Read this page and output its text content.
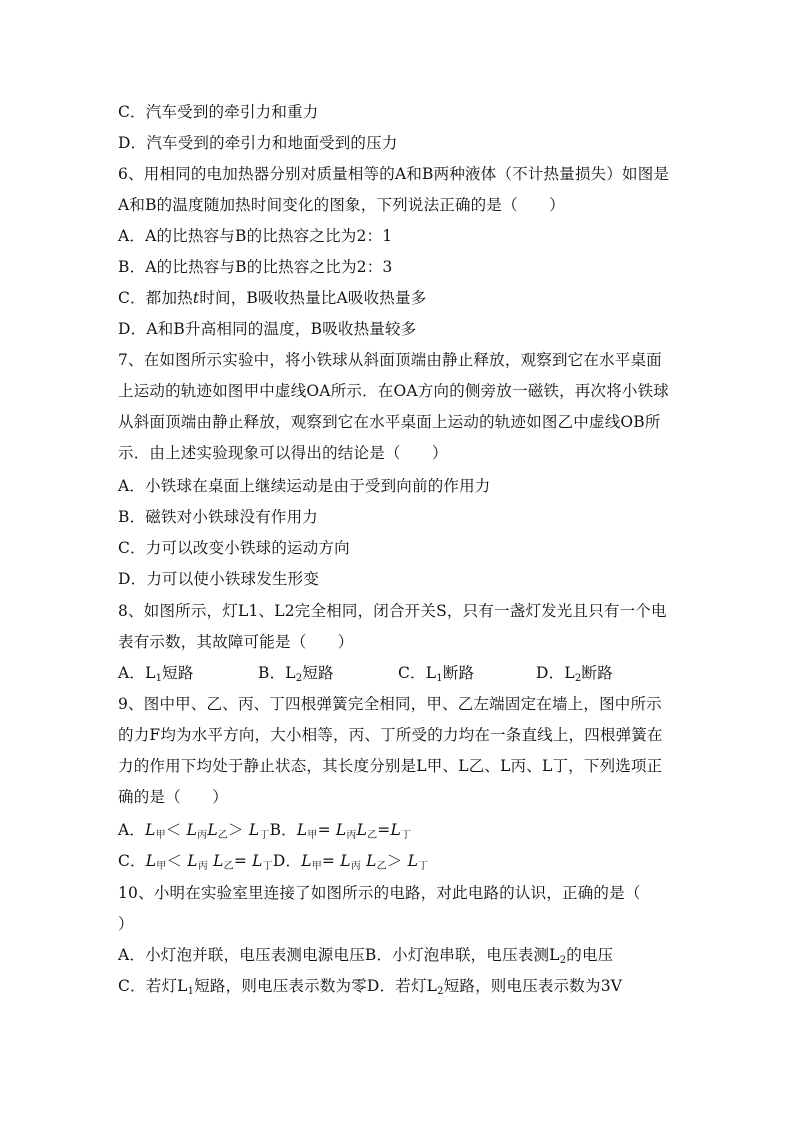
C．汽车受到的牵引力和重力
D．汽车受到的牵引力和地面受到的压力
6、用相同的电加热器分别对质量相等的A和B两种液体（不计热量损失）如图是
A和B的温度随加热时间变化的图象，下列说法正确的是（　　）
A．A的比热容与B的比热容之比为2：1
B．A的比热容与B的比热容之比为2：3
C．都加热t时间，B吸收热量比A吸收热量多
D．A和B升高相同的温度，B吸收热量较多
7、在如图所示实验中，将小铁球从斜面顶端由静止释放，观察到它在水平桌面
上运动的轨迹如图甲中虚线OA所示．在OA方向的侧旁放一磁铁，再次将小铁球
从斜面顶端由静止释放，观察到它在水平桌面上运动的轨迹如图乙中虚线OB所
示．由上述实验现象可以得出的结论是（　　）
A．小铁球在桌面上继续运动是由于受到向前的作用力
B．磁铁对小铁球没有作用力
C．力可以改变小铁球的运动方向
D．力可以使小铁球发生形变
8、如图所示，灯L1、L2完全相同，闭合开关S，只有一盏灯发光且只有一个电
表有示数，其故障可能是（　　）
A．$L_1$短路	B．$L_2$短路	C．$L_1$断路	D．$L_2$断路
9、图中甲、乙、丙、丁四根弹簧完全相同，甲、乙左端固定在墙上，图中所示
的力F均为水平方向，大小相等，丙、丁所受的力均在一条直线上，四根弹簧在
力的作用下均处于静止状态，其长度分别是L甲、L乙、L丙、L丁，下列选项正
确的是（　　）
A．$L_甲< L_丙L_乙> L_丁B$．$L_甲= L_丙L_乙=L_丁$
C．$L_甲< L_丙$ $L_乙= L_丁D$．$L_甲= L_丙$ $L_乙> L_丁$
10、小明在实验室里连接了如图所示的电路，对此电路的认识，正确的是（
）
A．小灯泡并联，电压表测电源电压B．小灯泡串联，电压表测$L_2$的电压
C．若灯$L_1$短路，则电压表示数为零D．若灯$L_2$短路，则电压表示数为3V
